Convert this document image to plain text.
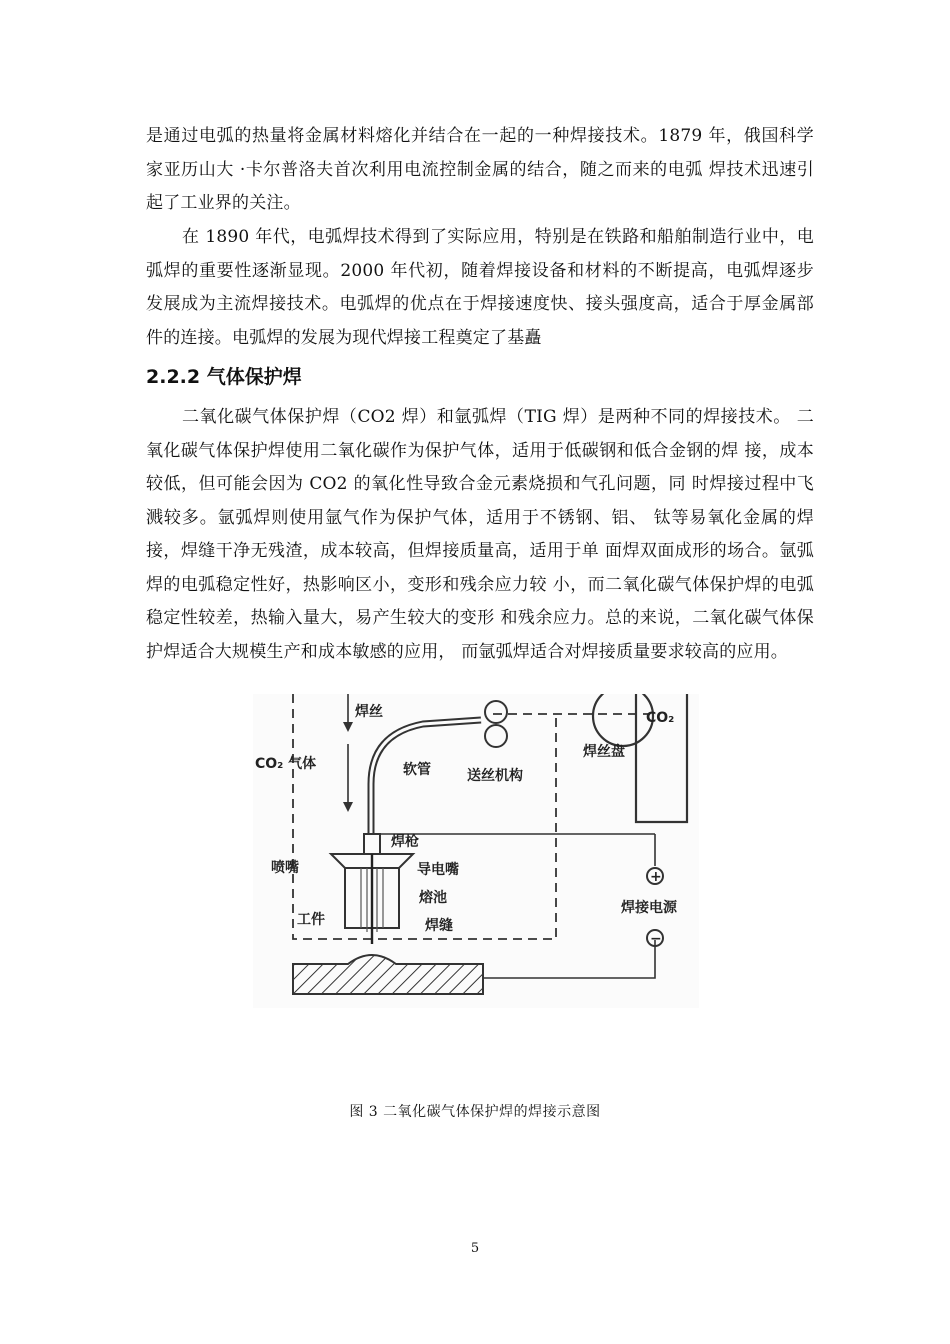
是通过电弧的热量将金属材料熔化并结合在一起的一种焊接技术。1879 年，俄国科学家亚历山大 ·卡尔普洛夫首次利用电流控制金属的结合，随之而来的电弧 焊技术迅速引起了工业界的关注。

在 1890 年代，电弧焊技术得到了实际应用，特别是在铁路和船舶制造行业中，电弧焊的重要性逐渐显现。2000 年代初，随着焊接设备和材料的不断提高，电弧焊逐步发展成为主流焊接技术。电弧焊的优点在于焊接速度快、接头强度高，适合于厚金属部件的连接。电弧焊的发展为现代焊接工程奠定了基矗

2.2.2 气体保护焊

二氧化碳气体保护焊（CO2 焊）和氩弧焊（TIG 焊）是两种不同的焊接技术。 二氧化碳气体保护焊使用二氧化碳作为保护气体，适用于低碳钢和低合金钢的焊 接，成本较低，但可能会因为 CO2 的氧化性导致合金元素烧损和气孔问题，同 时焊接过程中飞溅较多。氩弧焊则使用氩气作为保护气体，适用于不锈钢、铝、 钛等易氧化金属的焊接，焊缝干净无残渣，成本较高，但焊接质量高，适用于单 面焊双面成形的场合。氩弧焊的电弧稳定性好，热影响区小，变形和残余应力较 小，而二氧化碳气体保护焊的电弧稳定性较差，热输入量大，易产生较大的变形 和残余应力。总的来说，二氧化碳气体保护焊适合大规模生产和成本敏感的应用， 而氩弧焊适合对焊接质量要求较高的应用。

+
−
焊丝
CO₂ 气体	软管	送丝机构
焊丝盘
CO₂
焊枪
喷嘴	导电嘴
熔池
工件	焊缝
焊接电源
图 3 二氧化碳气体保护焊的焊接示意图
5
